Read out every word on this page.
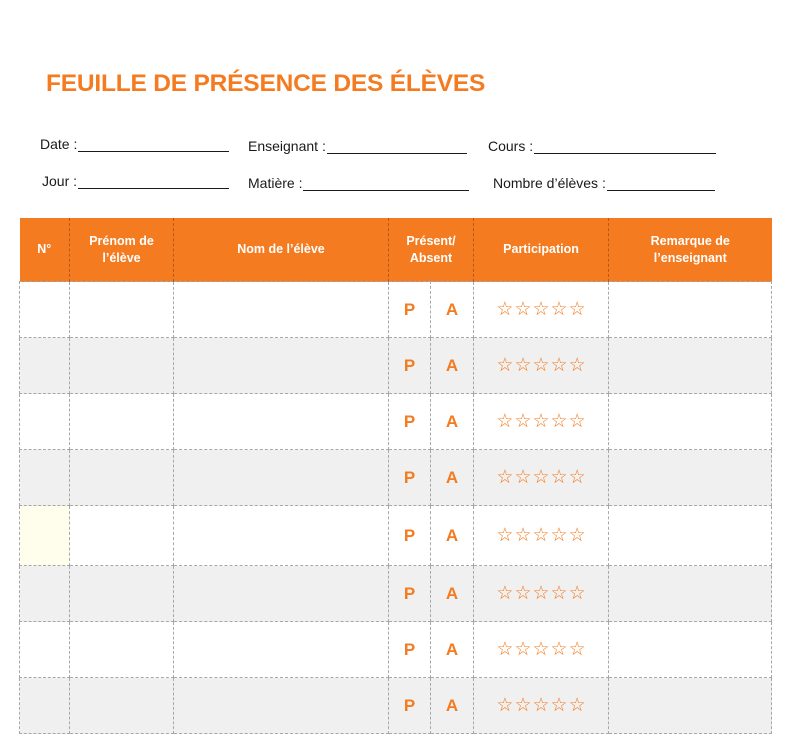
FEUILLE DE PRÉSENCE DES ÉLÈVES
Date :	Enseignant :	Cours :
Jour :	Matière :	Nombre d’élèves :
N°	Prénom de l’élève	Nom de l’élève	Présent/ Absent		Participation	Remarque de l’enseignant
			P	A	☆ ☆ ☆ ☆ ☆	

			P	A	☆ ☆ ☆ ☆ ☆	

			P	A	☆ ☆ ☆ ☆ ☆	

			P	A	☆ ☆ ☆ ☆ ☆	

			P	A	☆ ☆ ☆ ☆ ☆	

			P	A	☆ ☆ ☆ ☆ ☆	

			P	A	☆ ☆ ☆ ☆ ☆	

			P	A	☆ ☆ ☆ ☆ ☆	
